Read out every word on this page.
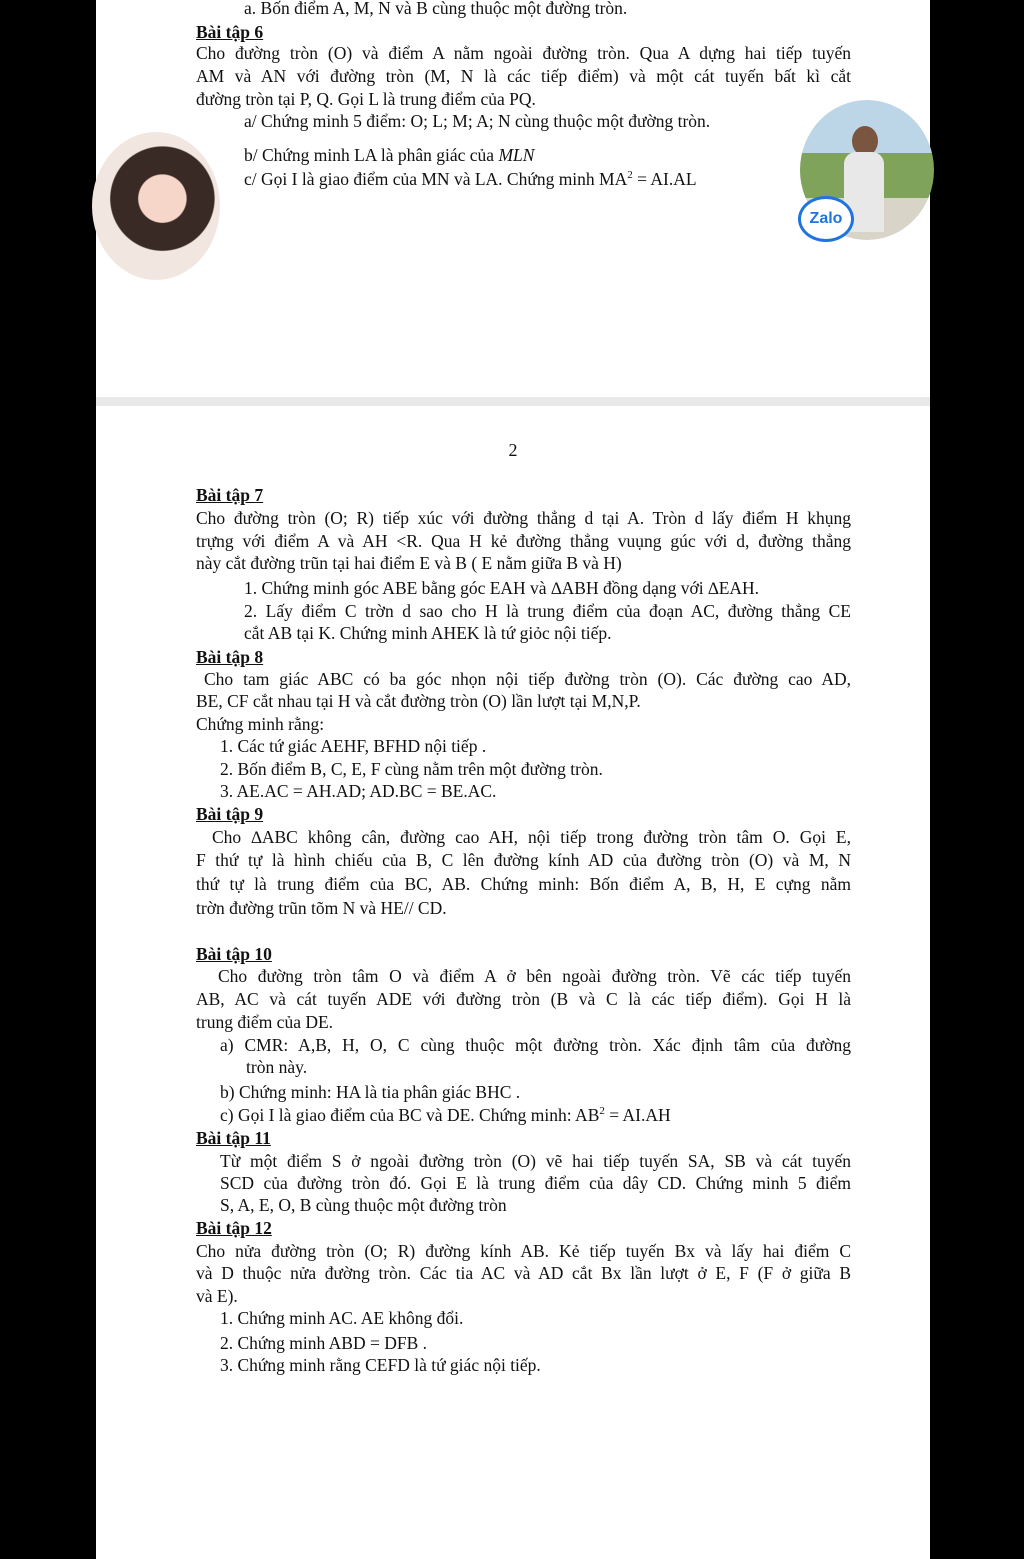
a. Bốn điểm A, M, N và B cùng thuộc một đường tròn.

Bài tập 6

Cho đường tròn (O) và điểm A nằm ngoài đường tròn. Qua A dựng hai tiếp tuyến

AM và AN với đường tròn (M, N là các tiếp điểm) và một cát tuyến bất kì cắt

đường tròn tại P, Q. Gọi L là trung điểm của PQ.

a/ Chứng minh 5 điểm: O; L; M; A; N cùng thuộc một đường tròn.

b/ Chứng minh LA là phân giác của MLN

c/ Gọi I là giao điểm của MN và LA. Chứng minh $MA^2 = AI.AL$

Zalo
2

Bài tập 7

Cho đường tròn (O; R) tiếp xúc với đường thẳng d tại A. Tròn d lấy điểm H khụng

trựng với điểm A và AH <R. Qua H kẻ đường thẳng vuụng gúc với d, đường thẳng

này cắt đường trũn tại hai điểm E và B ( E nằm giữa B và H)

1. Chứng minh góc ABE bằng góc EAH và ∆ABH đồng dạng với ∆EAH.

2. Lấy điểm C trờn d sao cho H là trung điểm của đoạn AC, đường thẳng CE

cắt AB tại K. Chứng minh AHEK là tứ giỏc nội tiếp.

Bài tập 8

Cho tam giác ABC có ba góc nhọn nội tiếp đường tròn (O). Các đường cao AD,

BE, CF cắt nhau tại H và cắt đường tròn (O) lần lượt tại M,N,P.

Chứng minh rằng:

1. Các tứ giác AEHF, BFHD nội tiếp .

2. Bốn điểm B, C, E, F cùng nằm trên một đường tròn.

3. AE.AC = AH.AD; AD.BC = BE.AC.

Bài tập 9

Cho ∆ABC không cân, đường cao AH, nội tiếp trong đường tròn tâm O. Gọi E,

F thứ tự là hình chiếu của B, C lên đường kính AD của đường tròn (O) và M, N

thứ tự là trung điểm của BC, AB. Chứng minh: Bốn điểm A, B, H, E cựng nằm

trờn đường trũn tõm N và HE// CD.

Bài tập 10

Cho đường tròn tâm O và điểm A ở bên ngoài đường tròn. Vẽ các tiếp tuyến

AB, AC và cát tuyến ADE với đường tròn (B và C là các tiếp điểm). Gọi H là

trung điểm của DE.

a) CMR: A,B, H, O, C cùng thuộc một đường tròn. Xác định tâm của đường

tròn này.

b) Chứng minh: HA là tia phân giác BHC .

c) Gọi I là giao điểm của BC và DE. Chứng minh: $AB^2 = AI.AH$

Bài tập 11

Từ một điểm S ở ngoài đường tròn (O) vẽ hai tiếp tuyến SA, SB và cát tuyến

SCD của đường tròn đó. Gọi E là trung điểm của dây CD. Chứng minh 5 điểm

S, A, E, O, B cùng thuộc một đường tròn

Bài tập 12

Cho nửa đường tròn (O; R) đường kính AB. Kẻ tiếp tuyến Bx và lấy hai điểm C

và D thuộc nửa đường tròn. Các tia AC và AD cắt Bx lần lượt ở E, F (F ở giữa B

và E).

1. Chứng minh AC. AE không đổi.

2. Chứng minh ABD = DFB .

3. Chứng minh rằng CEFD là tứ giác nội tiếp.
